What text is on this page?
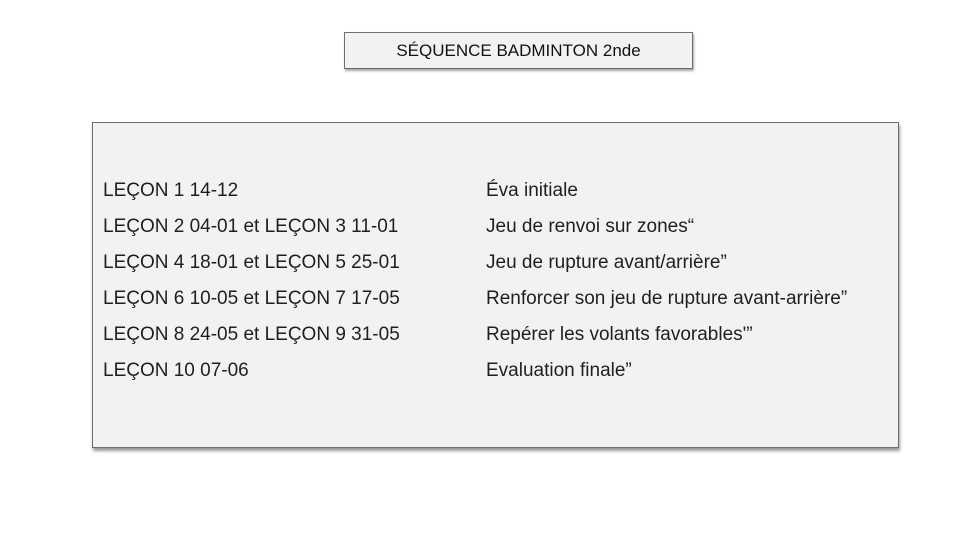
SÉQUENCE BADMINTON 2nde
LEÇON 1 14-12	Éva initiale
LEÇON 2 04-01 et LEÇON 3 11-01	Jeu de renvoi sur zones“
LEÇON 4 18-01 et LEÇON 5 25-01	Jeu de rupture avant/arrière”
LEÇON 6 10-05 et LEÇON 7 17-05	Renforcer son jeu de rupture avant-arrière”
LEÇON 8 24-05 et LEÇON 9 31-05	Repérer les volants favorables'”
LEÇON 10 07-06	Evaluation finale”
